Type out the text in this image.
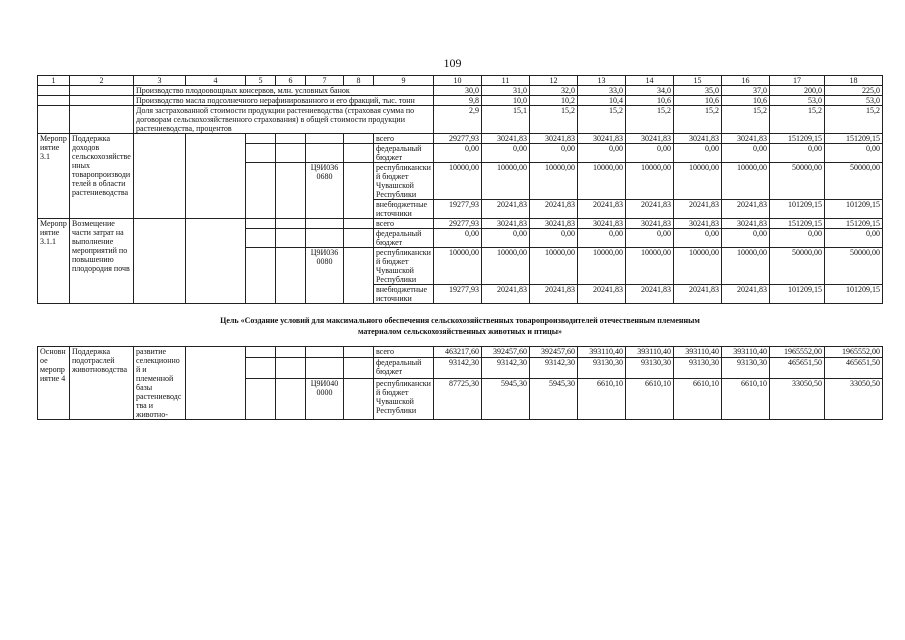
109
1	2	3	4	5	6	7	8	9	10	11	12	13	14	15	16	17	18
		Производство плодоовощных консервов, млн. условных банок							30,0	31,0	32,0	33,0	34,0	35,0	37,0	200,0	225,0
		Производство масла подсолнечного нерафинированного и его фракций, тыс. тонн							9,8	10,0	10,2	10,4	10,6	10,6	10,6	53,0	53,0
		Доля застрахованной стоимости продукции растениеводства (страховая сумма по договорам сельскохозяйственного страхования) в общей стоимости продукции растениеводства, процентов							2,9	15,1	15,2	15,2	15,2	15,2	15,2	15,2	15,2
Мероприятие 3.1	Поддержка доходов сельскохозяйственных товаропроизводителей в области растениеводства							всего	29277,93	30241,83	30241,83	30241,83	30241,83	30241,83	30241,83	151209,15	151209,15
								федеральный бюджет	0,00	0,00	0,00	0,00	0,00	0,00	0,00	0,00	0,00
						Ц9И036 0680		республиканский бюджет Чувашской Республики	10000,00	10000,00	10000,00	10000,00	10000,00	10000,00	10000,00	50000,00	50000,00
								внебюджетные источники	19277,93	20241,83	20241,83	20241,83	20241,83	20241,83	20241,83	101209,15	101209,15
Мероприятие 3.1.1	Возмещение части затрат на выполнение мероприятий по повышению плодородия почв							всего	29277,93	30241,83	30241,83	30241,83	30241,83	30241,83	30241,83	151209,15	151209,15
								федеральный бюджет	0,00	0,00	0,00	0,00	0,00	0,00	0,00	0,00	0,00
						Ц9И036 0080		республиканский бюджет Чувашской Республики	10000,00	10000,00	10000,00	10000,00	10000,00	10000,00	10000,00	50000,00	50000,00
								внебюджетные источники	19277,93	20241,83	20241,83	20241,83	20241,83	20241,83	20241,83	101209,15	101209,15
Цель «Создание условий для максимального обеспечения сельскохозяйственных товаропроизводителей отечественным племенным материалом сельскохозяйственных животных и птицы»																	
Основное мероприятие 4	Поддержка подотраслей животноводства	развитие селекционной и племенной базы растениеводства и животно-						всего	463217,60	392457,60	392457,60	393110,40	393110,40	393110,40	393110,40	1965552,00	1965552,00
								федеральный бюджет	93142,30	93142,30	93142,30	93130,30	93130,30	93130,30	93130,30	465651,50	465651,50
						Ц9И040 0000		республиканский бюджет Чувашской Республики	87725,30	5945,30	5945,30	6610,10	6610,10	6610,10	6610,10	33050,50	33050,50
